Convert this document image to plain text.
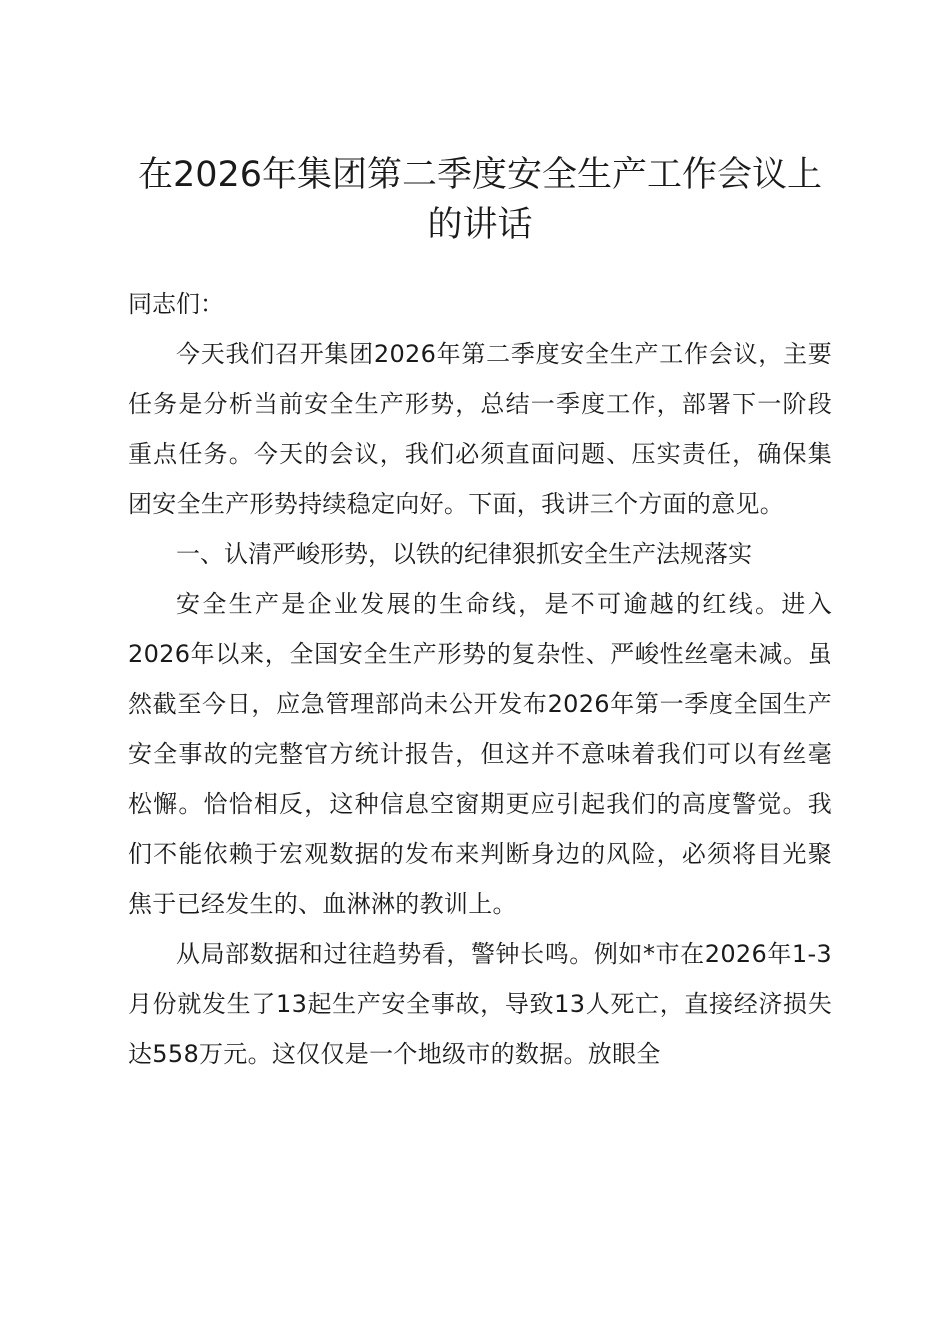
在2026年集团第二季度安全生产工作会议上的讲话

同志们：

今天我们召开集团2026年第二季度安全生产工作会议，主要任务是分析当前安全生产形势，总结一季度工作，部署下一阶段重点任务。今天的会议，我们必须直面问题、压实责任，确保集团安全生产形势持续稳定向好。下面，我讲三个方面的意见。

一、认清严峻形势，以铁的纪律狠抓安全生产法规落实

安全生产是企业发展的生命线，是不可逾越的红线。进入2026年以来，全国安全生产形势的复杂性、严峻性丝毫未减。虽然截至今日，应急管理部尚未公开发布2026年第一季度全国生产安全事故的完整官方统计报告，但这并不意味着我们可以有丝毫松懈。恰恰相反，这种信息空窗期更应引起我们的高度警觉。我们不能依赖于宏观数据的发布来判断身边的风险，必须将目光聚焦于已经发生的、血淋淋的教训上。

从局部数据和过往趋势看，警钟长鸣。例如*市在2026年1-3月份就发生了13起生产安全事故，导致13人死亡，直接经济损失达558万元。这仅仅是一个地级市的数据。放眼全
